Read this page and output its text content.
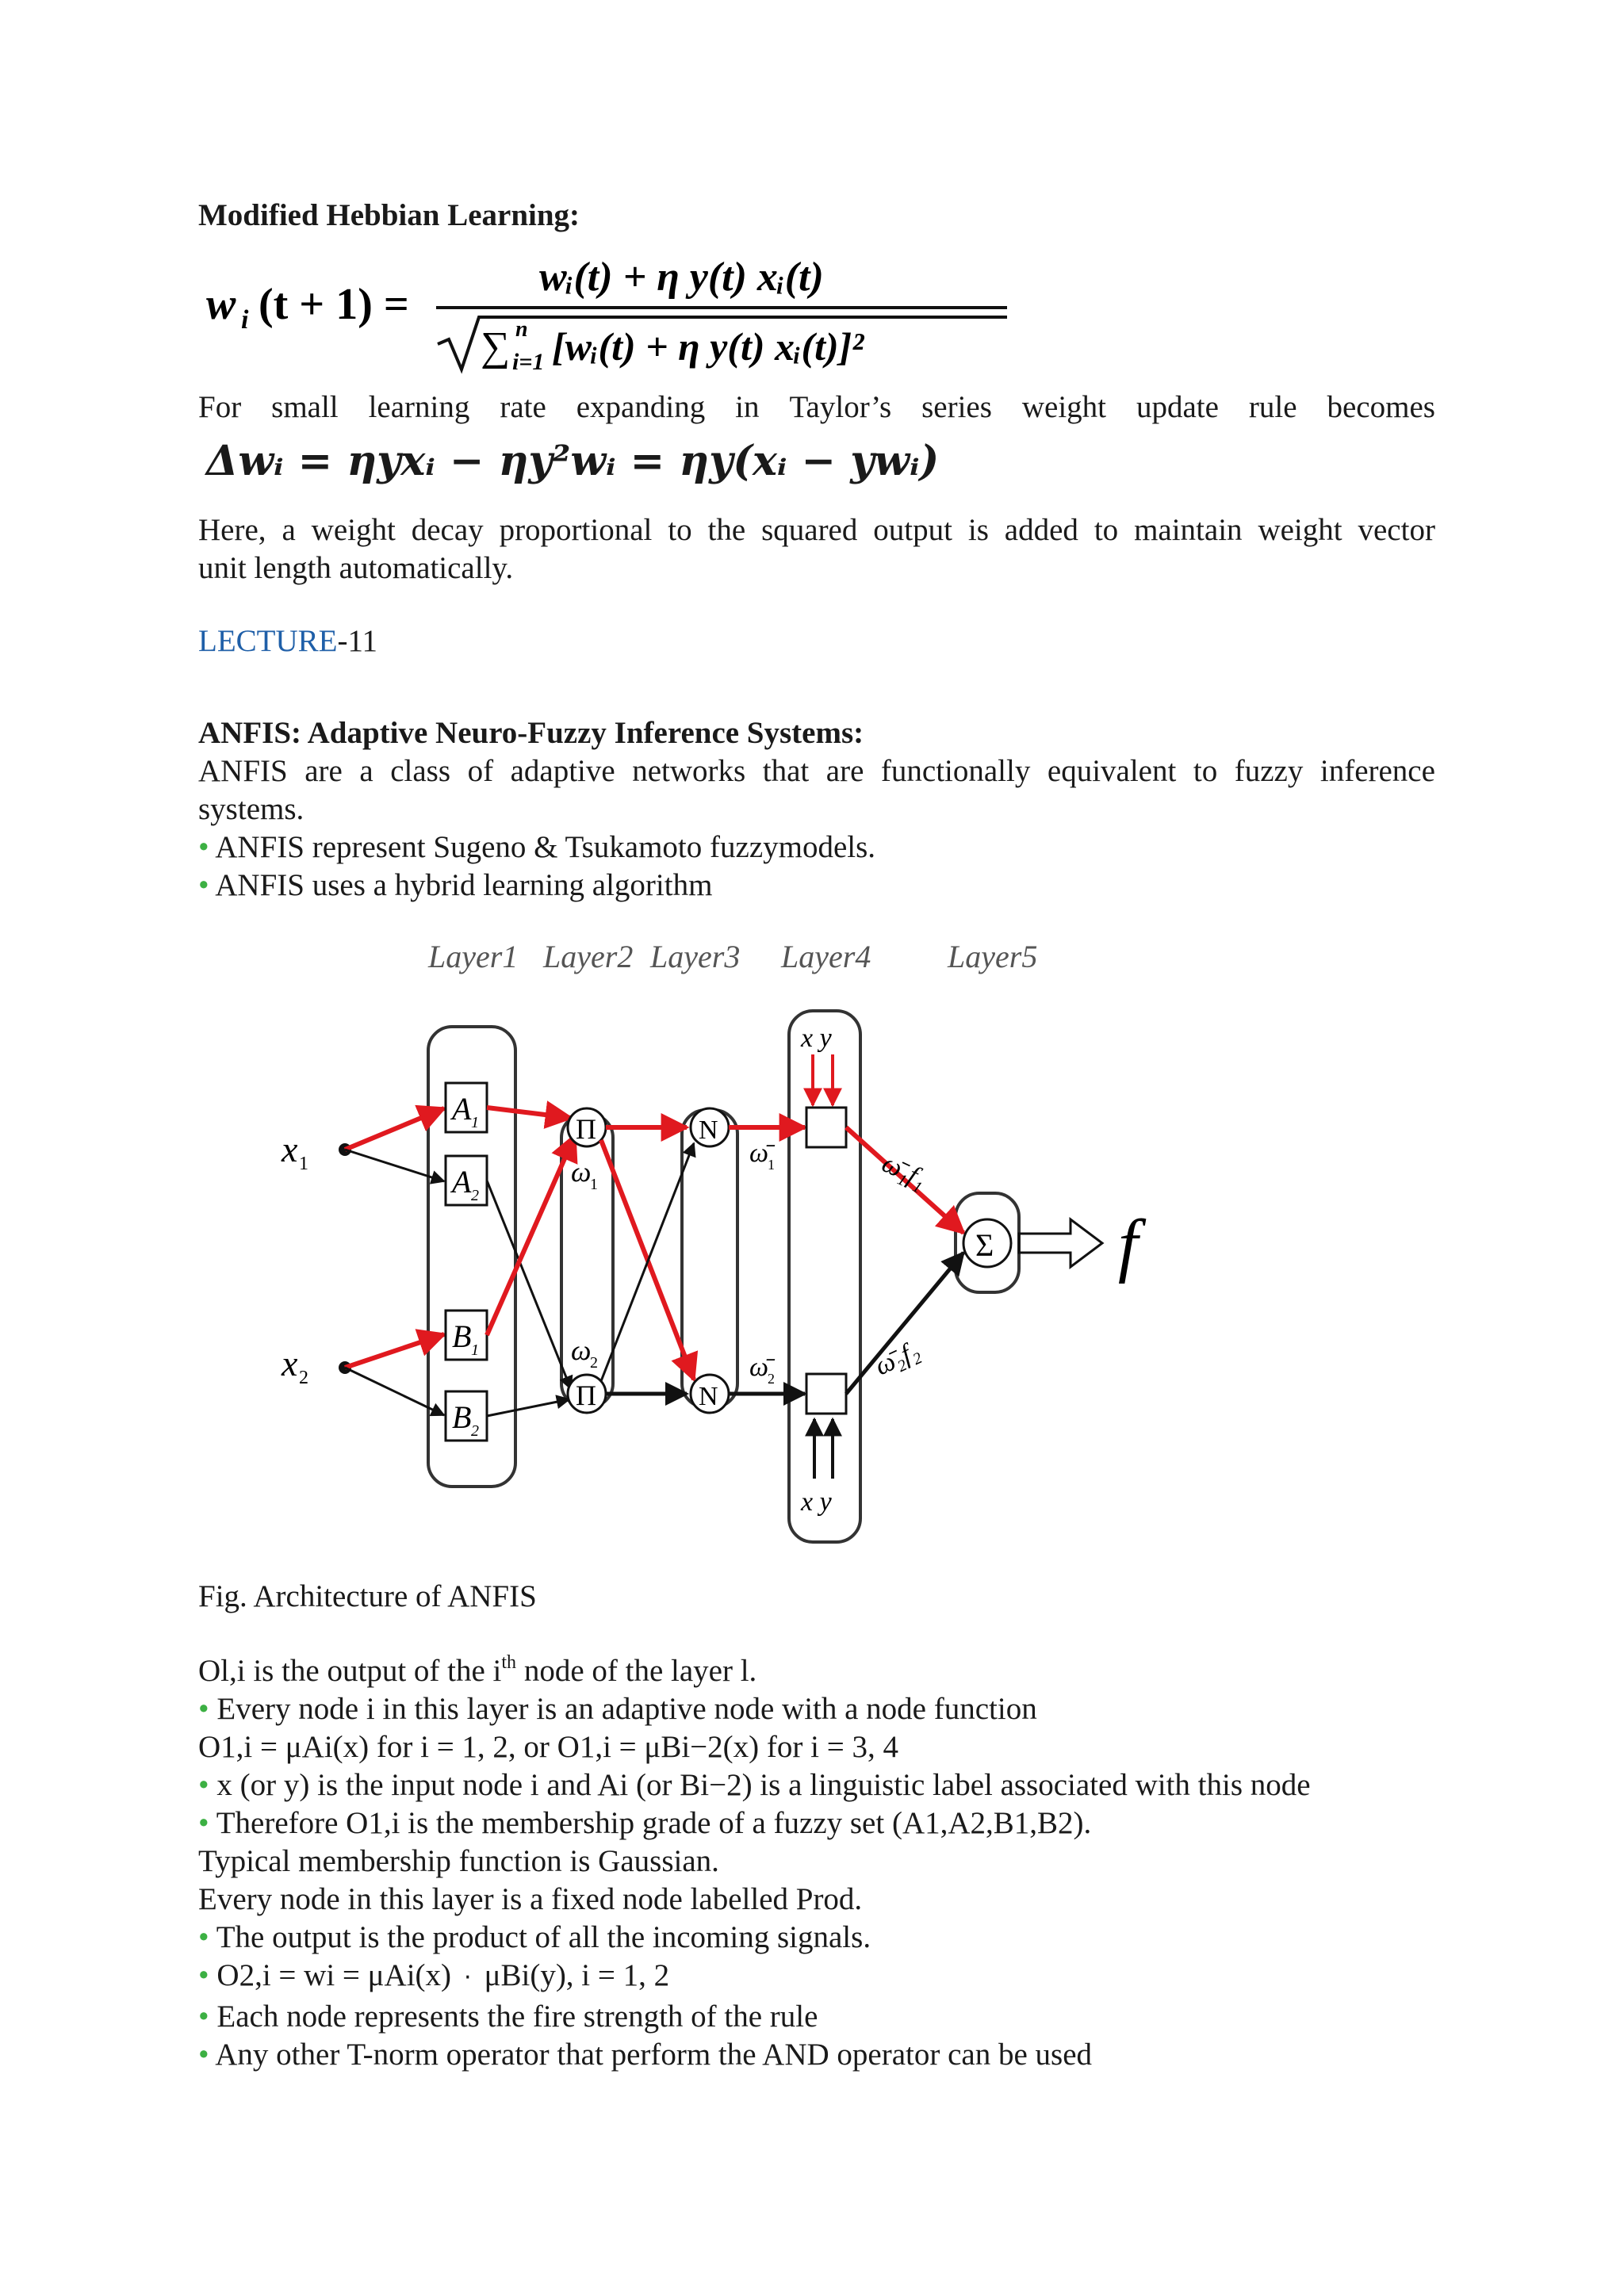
Modified Hebbian Learning:
w i (t + 1) =
wᵢ(t) + η y(t) xᵢ(t)
∑ n
i=1 [wᵢ(t) + η y(t) xᵢ(t)]²
For small learning rate expanding in Taylor’s series weight update rule becomes
Δwᵢ = ηyxᵢ − ηy²wᵢ = ηy(xᵢ − ywᵢ)
Here, a weight decay proportional to the squared output is added to maintain weight vector
unit length automatically.
LECTURE-11
ANFIS: Adaptive Neuro-Fuzzy Inference Systems:
ANFIS are a class of adaptive networks that are functionally equivalent to fuzzy inference
systems.
• ANFIS represent Sugeno & Tsukamoto fuzzymodels.
• ANFIS uses a hybrid learning algorithm
Layer1 Layer2 Layer3 Layer4 Layer5
x 1
x 2
A 1
A 2
B 1
B 2
Π
Π
ω
1
ω
2
N
N
ω̄
1
ω̄
2
x y
x y
ω̄₁f₁
ω̄₂f₂
Σ f
Fig. Architecture of ANFIS
Ol,i is the output of the $i^{th}$ node of the layer l.
• Every node i in this layer is an adaptive node with a node function
O1,i = μAi(x) for i = 1, 2, or O1,i = μBi−2(x) for i = 3, 4
• x (or y) is the input node i and Ai (or Bi−2) is a linguistic label associated with this node
• Therefore O1,i is the membership grade of a fuzzy set (A1,A2,B1,B2).
Typical membership function is Gaussian.
Every node in this layer is a fixed node labelled Prod.
• The output is the product of all the incoming signals.
• O2,i = wi = μAi(x) · μBi(y), i = 1, 2
• Each node represents the fire strength of the rule
• Any other T-norm operator that perform the AND operator can be used
